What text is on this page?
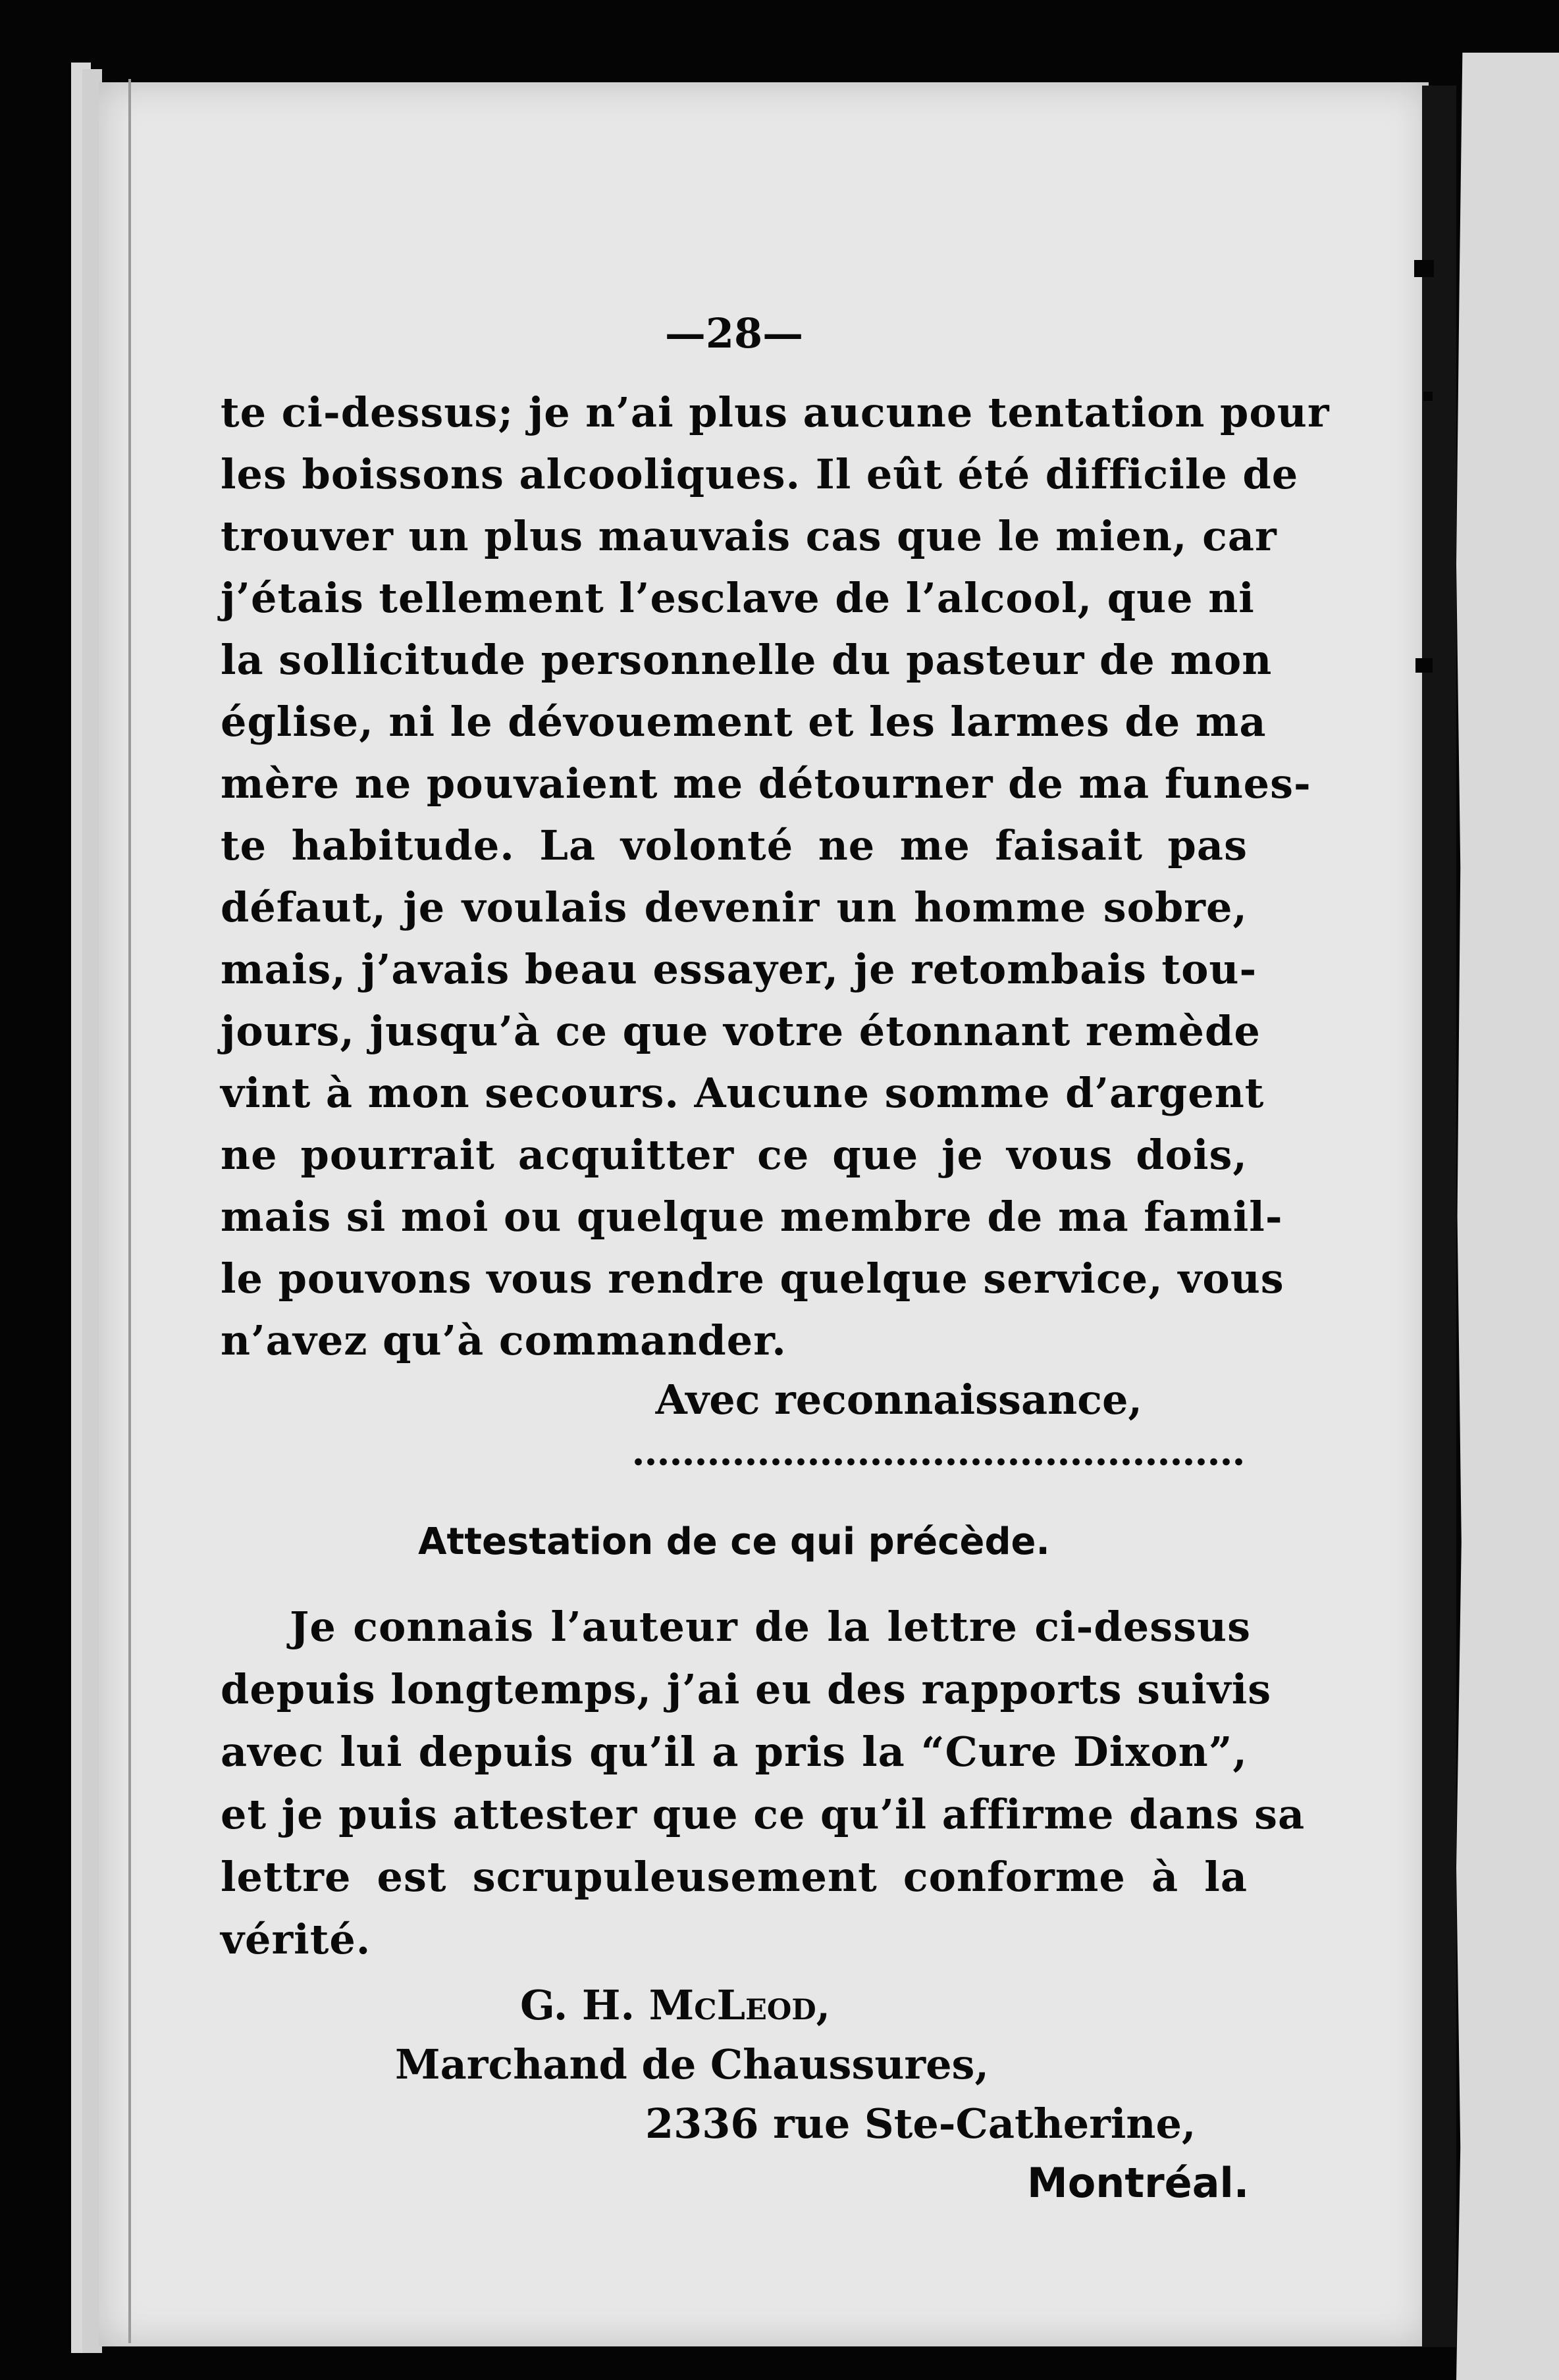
—28—
te ci-dessus; je n’ai plus aucune tentation pour
les boissons alcooliques. Il eût été difficile de
trouver un plus mauvais cas que le mien, car
j’étais tellement l’esclave de l’alcool, que ni
la sollicitude personnelle du pasteur de mon
église, ni le dévouement et les larmes de ma
mère ne pouvaient me détourner de ma funes-
te habitude. La volonté ne me faisait pas
défaut, je voulais devenir un homme sobre,
mais, j’avais beau essayer, je retombais tou-
jours, jusqu’à ce que votre étonnant remède
vint à mon secours. Aucune somme d’argent
ne pourrait acquitter ce que je vous dois,
mais si moi ou quelque membre de ma famil-
le pouvons vous rendre quelque service, vous
n’avez qu’à commander.
Avec reconnaissance,
Attestation de ce qui précède.
Je connais l’auteur de la lettre ci-dessus
depuis longtemps, j’ai eu des rapports suivis
avec lui depuis qu’il a pris la “Cure Dixon”,
et je puis attester que ce qu’il affirme dans sa
lettre est scrupuleusement conforme à la
vérité.
G. H. McLeod,
Marchand de Chaussures,
2336 rue Ste-Catherine,
Montréal.
